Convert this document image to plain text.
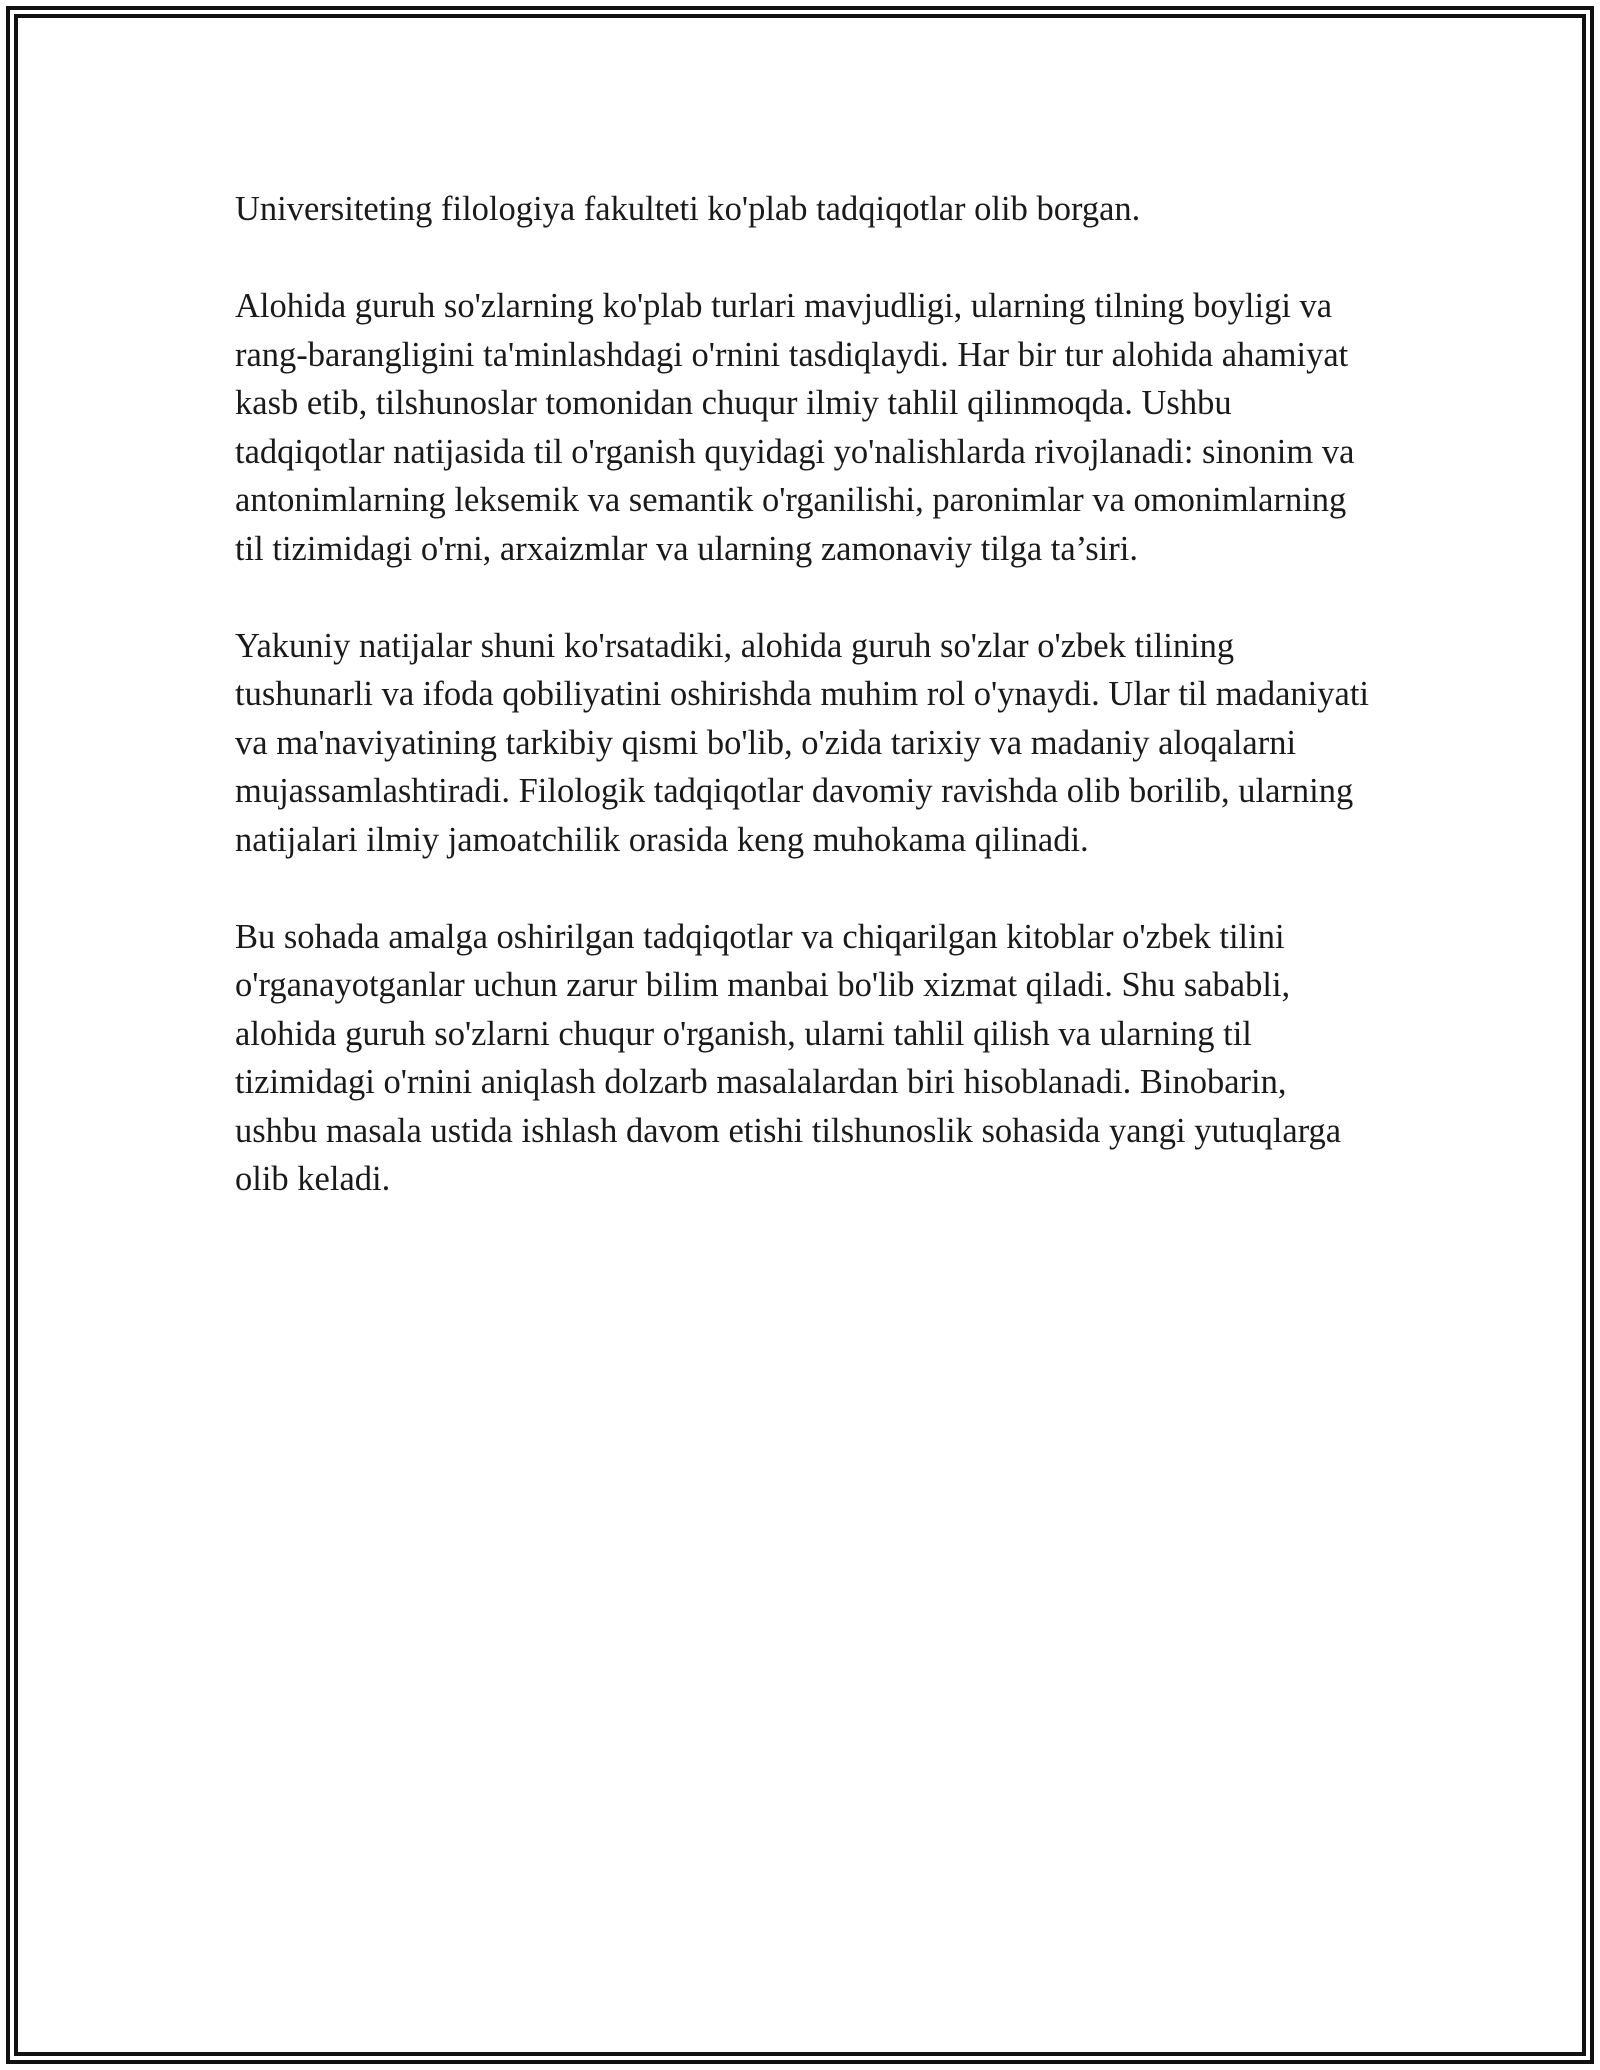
Universiteting filologiya fakulteti ko'plab tadqiqotlar olib borgan.

Alohida guruh so'zlarning ko'plab turlari mavjudligi, ularning tilning boyligi va rang-barangligini ta'minlashdagi o'rnini tasdiqlaydi. Har bir tur alohida ahamiyat kasb etib, tilshunoslar tomonidan chuqur ilmiy tahlil qilinmoqda. Ushbu tadqiqotlar natijasida til o'rganish quyidagi yo'nalishlarda rivojlanadi: sinonim va antonimlarning leksemik va semantik o'rganilishi, paronimlar va omonimlarning til tizimidagi o'rni, arxaizmlar va ularning zamonaviy tilga ta’siri.

Yakuniy natijalar shuni ko'rsatadiki, alohida guruh so'zlar o'zbek tilining tushunarli va ifoda qobiliyatini oshirishda muhim rol o'ynaydi. Ular til madaniyati va ma'naviyatining tarkibiy qismi bo'lib, o'zida tarixiy va madaniy aloqalarni mujassamlashtiradi. Filologik tadqiqotlar davomiy ravishda olib borilib, ularning natijalari ilmiy jamoatchilik orasida keng muhokama qilinadi.

Bu sohada amalga oshirilgan tadqiqotlar va chiqarilgan kitoblar o'zbek tilini o'rganayotganlar uchun zarur bilim manbai bo'lib xizmat qiladi. Shu sababli, alohida guruh so'zlarni chuqur o'rganish, ularni tahlil qilish va ularning til tizimidagi o'rnini aniqlash dolzarb masalalardan biri hisoblanadi. Binobarin, ushbu masala ustida ishlash davom etishi tilshunoslik sohasida yangi yutuqlarga olib keladi.
